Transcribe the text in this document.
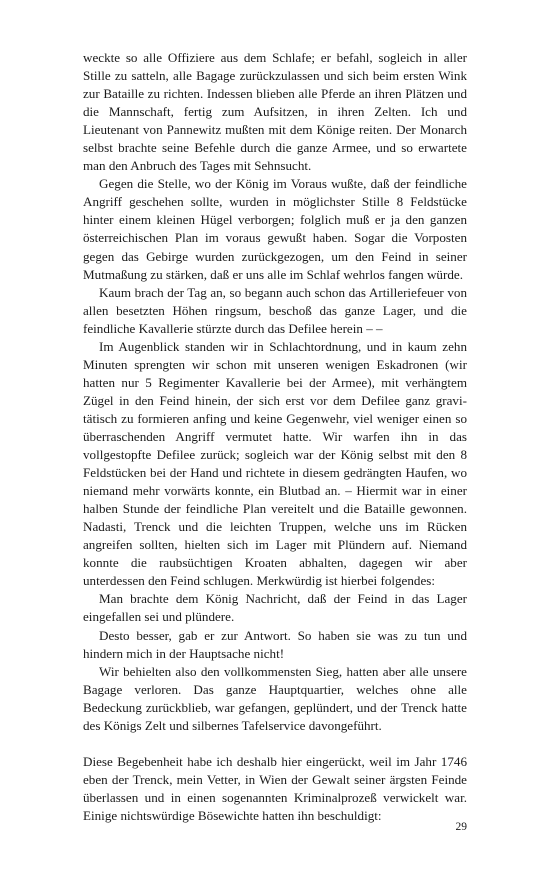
weckte so alle Offiziere aus dem Schlafe; er befahl, sogleich in aller Stille zu satteln, alle Bagage zurückzulassen und sich beim ersten Wink zur Bataille zu richten. Indessen blieben alle Pferde an ihren Plätzen und die Mannschaft, fertig zum Aufsitzen, in ihren Zelten. Ich und Lieutenant von Pannewitz mußten mit dem Könige reiten. Der Monarch selbst brachte seine Befehle durch die ganze Armee, und so erwartete man den Anbruch des Tages mit Sehnsucht.

Gegen die Stelle, wo der König im Voraus wußte, daß der feindliche Angriff geschehen sollte, wurden in möglichster Stille 8 Feldstücke hinter einem kleinen Hügel verborgen; folglich muß er ja den ganzen österreichischen Plan im voraus gewußt haben. Sogar die Vorposten gegen das Gebirge wurden zurückgezogen, um den Feind in seiner Mutmaßung zu stärken, daß er uns alle im Schlaf wehrlos fangen würde.

Kaum brach der Tag an, so begann auch schon das Artilleriefeuer von allen besetzten Höhen ringsum, beschoß das ganze Lager, und die feindliche Kavallerie stürzte durch das Defilee herein – –

Im Augenblick standen wir in Schlachtordnung, und in kaum zehn Minuten sprengten wir schon mit unseren wenigen Eskadronen (wir hatten nur 5 Regimenter Kavallerie bei der Armee), mit verhängtem Zügel in den Feind hinein, der sich erst vor dem Defilee ganz gravitätisch zu formieren anfing und keine Gegenwehr, viel weniger einen so überraschenden Angriff vermutet hatte. Wir warfen ihn in das vollgestopfte Defilee zurück; sogleich war der König selbst mit den 8 Feldstücken bei der Hand und richtete in diesem gedrängten Haufen, wo niemand mehr vorwärts konnte, ein Blutbad an. – Hiermit war in einer halben Stunde der feindliche Plan vereitelt und die Bataille gewonnen. Nadasti, Trenck und die leichten Truppen, welche uns im Rücken angreifen sollten, hielten sich im Lager mit Plündern auf. Niemand konnte die raubsüchtigen Kroaten abhalten, dagegen wir aber unterdessen den Feind schlugen. Merkwürdig ist hierbei folgendes:

Man brachte dem König Nachricht, daß der Feind in das Lager eingefallen sei und plündere.

Desto besser, gab er zur Antwort. So haben sie was zu tun und hindern mich in der Hauptsache nicht!

Wir behielten also den vollkommensten Sieg, hatten aber alle unsere Bagage verloren. Das ganze Hauptquartier, welches ohne alle Bedeckung zurückblieb, war gefangen, geplündert, und der Trenck hatte des Königs Zelt und silbernes Tafelservice davongeführt.

Diese Begebenheit habe ich deshalb hier eingerückt, weil im Jahr 1746 eben der Trenck, mein Vetter, in Wien der Gewalt seiner ärgsten Feinde überlassen und in einen sogenannten Kriminalprozeß verwickelt war. Einige nichtswürdige Bösewichte hatten ihn beschuldigt:

29
